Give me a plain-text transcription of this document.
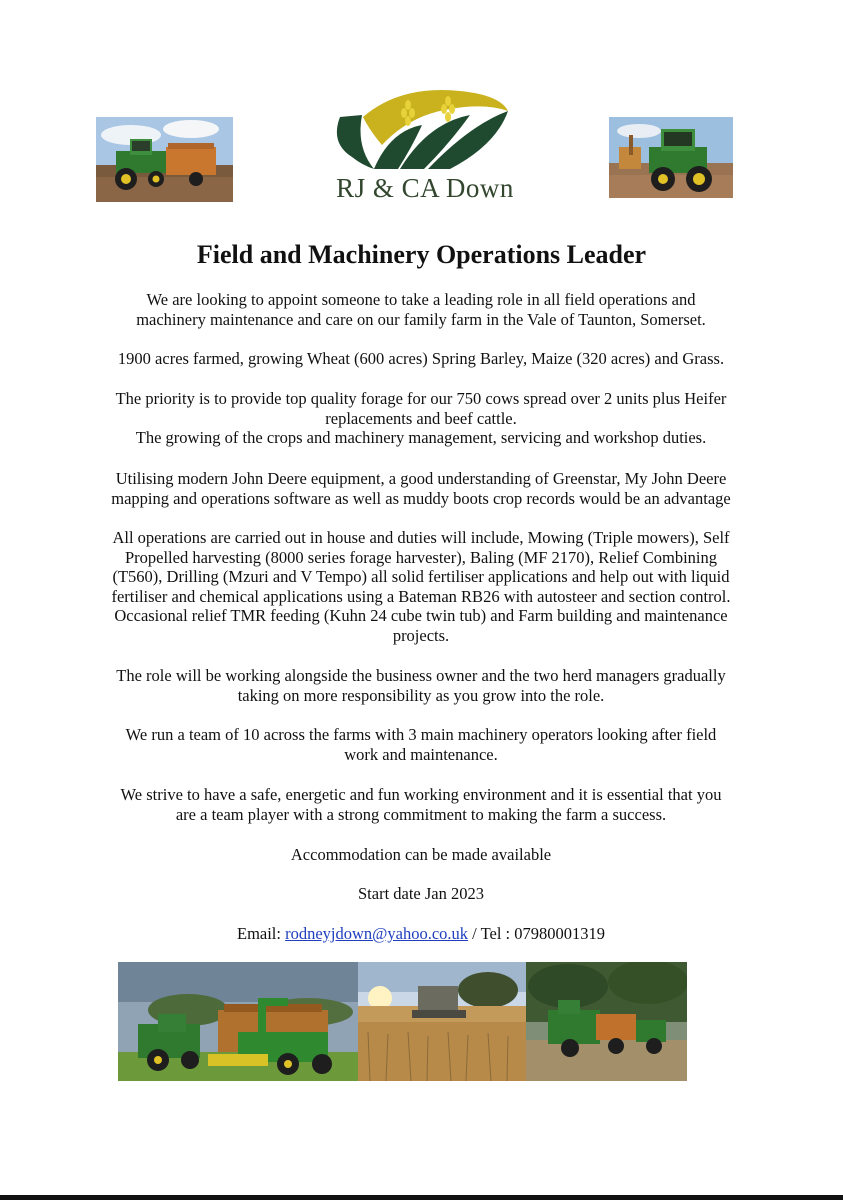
RJ & CA Down
Field and Machinery Operations Leader
We are looking to appoint someone to take a leading role in all field operations and
machinery maintenance and care on our family farm in the Vale of Taunton, Somerset.
1900 acres farmed, growing Wheat (600 acres) Spring Barley, Maize (320 acres) and Grass.
The priority is to provide top quality forage for our 750 cows spread over 2 units plus Heifer
replacements and beef cattle.
The growing of the crops and machinery management, servicing and workshop duties.
Utilising modern John Deere equipment, a good understanding of Greenstar, My John Deere
mapping and operations software as well as muddy boots crop records would be an advantage
All operations are carried out in house and duties will include, Mowing (Triple mowers), Self
Propelled harvesting (8000 series forage harvester), Baling (MF 2170), Relief Combining
(T560), Drilling (Mzuri and V Tempo) all solid fertiliser applications and help out with liquid
fertiliser and chemical applications using a Bateman RB26 with autosteer and section control.
Occasional relief TMR feeding (Kuhn 24 cube twin tub) and Farm building and maintenance
projects.
The role will be working alongside the business owner and the two herd managers gradually
taking on more responsibility as you grow into the role.
We run a team of 10 across the farms with 3 main machinery operators looking after field
work and maintenance.
We strive to have a safe, energetic and fun working environment and it is essential that you
are a team player with a strong commitment to making the farm a success.
Accommodation can be made available
Start date Jan 2023
Email: rodneyjdown@yahoo.co.uk / Tel : 07980001319
